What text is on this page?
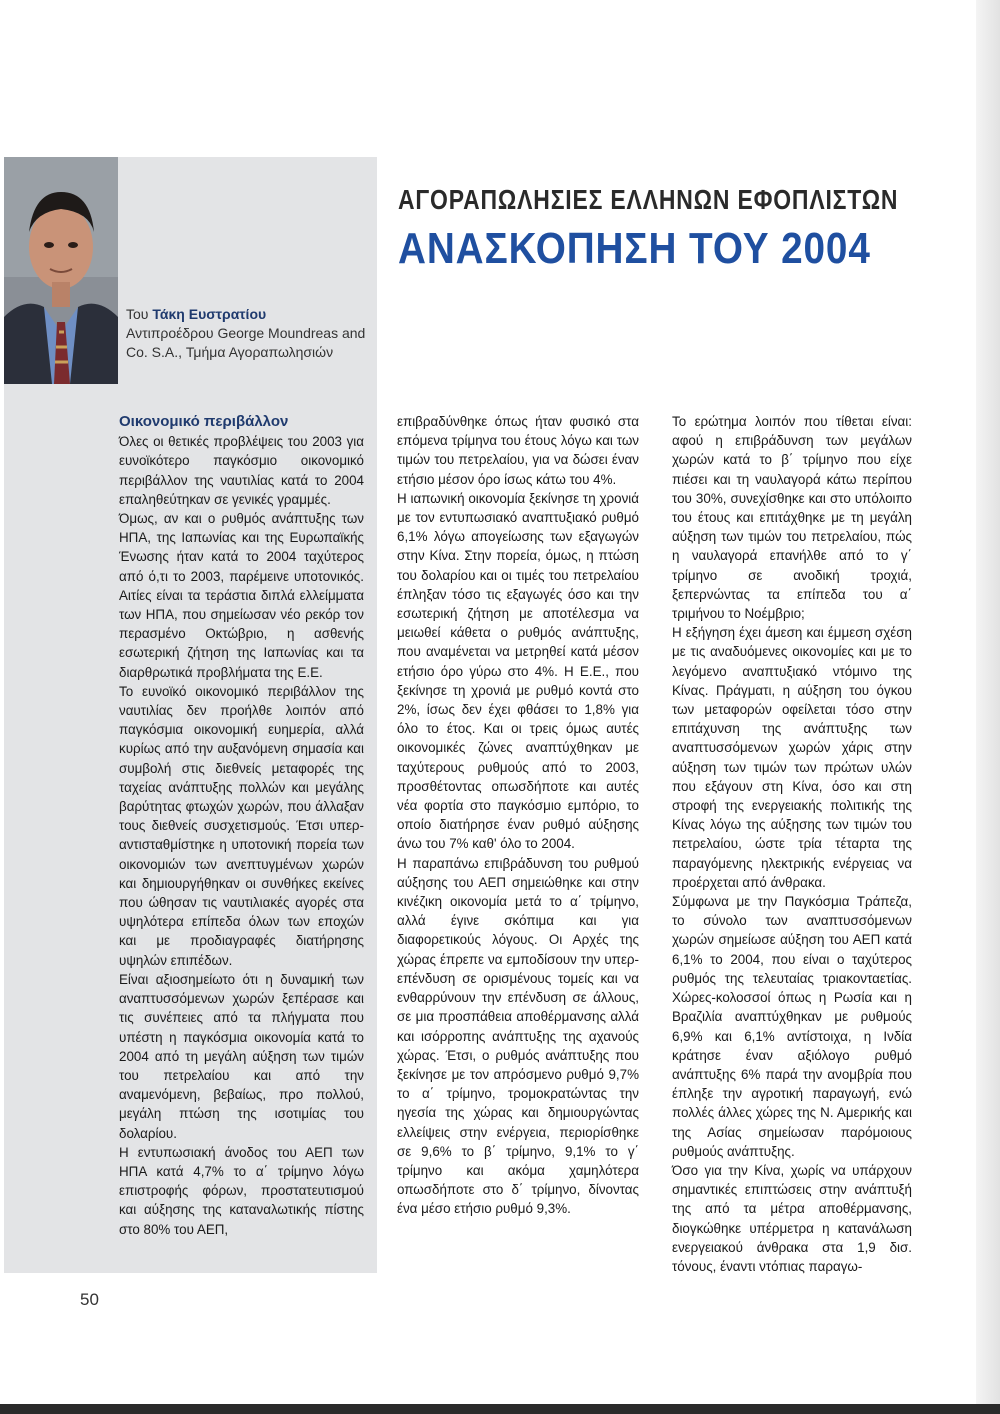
Του Τάκη Ευστρατίου
Αντιπροέδρου George Moundreas and Co. S.A., Τμήμα Αγοραπωλησιών
ΑΓΟΡΑΠΩΛΗΣΙΕΣ ΕΛΛΗΝΩΝ ΕΦΟΠΛΙΣΤΩΝ
ΑΝΑΣΚΟΠΗΣΗ ΤΟΥ 2004
Οικονομικό περιβάλλον

Όλες οι θετικές προβλέψεις του 2003 για ευνοϊκότερο παγκόσμιο οικονομικό περιβάλλον της ναυτιλίας κατά το 2004 επαληθεύτηκαν σε γενικές γραμμές.

Όμως, αν και ο ρυθμός ανάπτυξης των ΗΠΑ, της Ιαπωνίας και της Ευρωπαϊκής Ένωσης ήταν κατά το 2004 ταχύτερος από ό,τι το 2003, παρέμεινε υποτονικός. Αιτίες είναι τα τεράστια διπλά ελλείμματα των ΗΠΑ, που σημείωσαν νέο ρεκόρ τον περασμένο Οκτώβριο, η ασθενής εσωτερική ζήτηση της Ιαπωνίας και τα διαρθρωτικά προβλήματα της Ε.Ε.

Το ευνοϊκό οικονομικό περιβάλλον της ναυτιλίας δεν προήλθε λοιπόν από παγκόσμια οικονομική ευημερία, αλλά κυρίως από την αυξανόμενη σημασία και συμβολή στις διεθνείς μεταφορές της ταχείας ανάπτυξης πολλών και μεγάλης βαρύτητας φτωχών χωρών, που άλλαξαν τους διεθνείς συσχετισμούς. Έτσι υπερ-αντισταθμίστηκε η υποτονική πορεία των οικονομιών των ανεπτυγμένων χωρών και δημιουργήθηκαν οι συνθήκες εκείνες που ώθησαν τις ναυτιλιακές αγορές στα υψηλότερα επίπεδα όλων των εποχών και με προδιαγραφές διατήρησης υψηλών επιπέδων.

Είναι αξιοσημείωτο ότι η δυναμική των αναπτυσσόμενων χωρών ξεπέρασε και τις συνέπειες από τα πλήγματα που υπέστη η παγκόσμια οικονομία κατά το 2004 από τη μεγάλη αύξηση των τιμών του πετρελαίου και από την αναμενόμενη, βεβαίως, προ πολλού, μεγάλη πτώση της ισοτιμίας του δολαρίου.

Η εντυπωσιακή άνοδος του ΑΕΠ των ΗΠΑ κατά 4,7% το α΄ τρίμηνο λόγω επιστροφής φόρων, προστατευτισμού και αύξησης της καταναλωτικής πίστης στο 80% του ΑΕΠ,

επιβραδύνθηκε όπως ήταν φυσικό στα επόμενα τρίμηνα του έτους λόγω και των τιμών του πετρελαίου, για να δώσει έναν ετήσιο μέσον όρο ίσως κάτω του 4%.

Η ιαπωνική οικονομία ξεκίνησε τη χρονιά με τον εντυπωσιακό αναπτυξιακό ρυθμό 6,1% λόγω απογείωσης των εξαγωγών στην Κίνα. Στην πορεία, όμως, η πτώση του δολαρίου και οι τιμές του πετρελαίου έπληξαν τόσο τις εξαγωγές όσο και την εσωτερική ζήτηση με αποτέλεσμα να μειωθεί κάθετα ο ρυθμός ανάπτυξης, που αναμένεται να μετρηθεί κατά μέσον ετήσιο όρο γύρω στο 4%. Η Ε.Ε., που ξεκίνησε τη χρονιά με ρυθμό κοντά στο 2%, ίσως δεν έχει φθάσει το 1,8% για όλο το έτος. Και οι τρεις όμως αυτές οικονομικές ζώνες αναπτύχθηκαν με ταχύτερους ρυθμούς από το 2003, προσθέτοντας οπωσδήποτε και αυτές νέα φορτία στο παγκόσμιο εμπόριο, το οποίο διατήρησε έναν ρυθμό αύξησης άνω του 7% καθ' όλο το 2004.

Η παραπάνω επιβράδυνση του ρυθμού αύξησης του ΑΕΠ σημειώθηκε και στην κινέζικη οικονομία μετά το α΄ τρίμηνο, αλλά έγινε σκόπιμα και για διαφορετικούς λόγους. Οι Αρχές της χώρας έπρεπε να εμποδίσουν την υπερ-επένδυση σε ορισμένους τομείς και να ενθαρρύνουν την επένδυση σε άλλους, σε μια προσπάθεια αποθέρμανσης αλλά και ισόρροπης ανάπτυξης της αχανούς χώρας. Έτσι, ο ρυθμός ανάπτυξης που ξεκίνησε με τον απρόσμενο ρυθμό 9,7% το α΄ τρίμηνο, τρομοκρατώντας την ηγεσία της χώρας και δημιουργώντας ελλείψεις στην ενέργεια, περιορίσθηκε σε 9,6% το β΄ τρίμηνο, 9,1% το γ΄ τρίμηνο και ακόμα χαμηλότερα οπωσδήποτε στο δ΄ τρίμηνο, δίνοντας ένα μέσο ετήσιο ρυθμό 9,3%.

Το ερώτημα λοιπόν που τίθεται είναι: αφού η επιβράδυνση των μεγάλων χωρών κατά το β΄ τρίμηνο που είχε πιέσει και τη ναυλαγορά κάτω περίπου του 30%, συνεχίσθηκε και στο υπόλοιπο του έτους και επιτάχθηκε με τη μεγάλη αύξηση των τιμών του πετρελαίου, πώς η ναυλαγορά επανήλθε από το γ΄ τρίμηνο σε ανοδική τροχιά, ξεπερνώντας τα επίπεδα του α΄ τριμήνου το Νοέμβριο;

Η εξήγηση έχει άμεση και έμμεση σχέση με τις αναδυόμενες οικονομίες και με το λεγόμενο αναπτυξιακό ντόμινο της Κίνας. Πράγματι, η αύξηση του όγκου των μεταφορών οφείλεται τόσο στην επιτάχυνση της ανάπτυξης των αναπτυσσόμενων χωρών χάρις στην αύξηση των τιμών των πρώτων υλών που εξάγουν στη Κίνα, όσο και στη στροφή της ενεργειακής πολιτικής της Κίνας λόγω της αύξησης των τιμών του πετρελαίου, ώστε τρία τέταρτα της παραγόμενης ηλεκτρικής ενέργειας να προέρχεται από άνθρακα.

Σύμφωνα με την Παγκόσμια Τράπεζα, το σύνολο των αναπτυσσόμενων χωρών σημείωσε αύξηση του ΑΕΠ κατά 6,1% το 2004, που είναι ο ταχύτερος ρυθμός της τελευταίας τριακονταετίας. Χώρες-κολοσσοί όπως η Ρωσία και η Βραζιλία αναπτύχθηκαν με ρυθμούς 6,9% και 6,1% αντίστοιχα, η Ινδία κράτησε έναν αξιόλογο ρυθμό ανάπτυξης 6% παρά την ανομβρία που έπληξε την αγροτική παραγωγή, ενώ πολλές άλλες χώρες της Ν. Αμερικής και της Ασίας σημείωσαν παρόμοιους ρυθμούς ανάπτυξης.

Όσο για την Κίνα, χωρίς να υπάρχουν σημαντικές επιπτώσεις στην ανάπτυξή της από τα μέτρα αποθέρμανσης, διογκώθηκε υπέρμετρα η κατανάλωση ενεργειακού άνθρακα στα 1,9 δισ. τόνους, έναντι ντόπιας παραγω-

50
